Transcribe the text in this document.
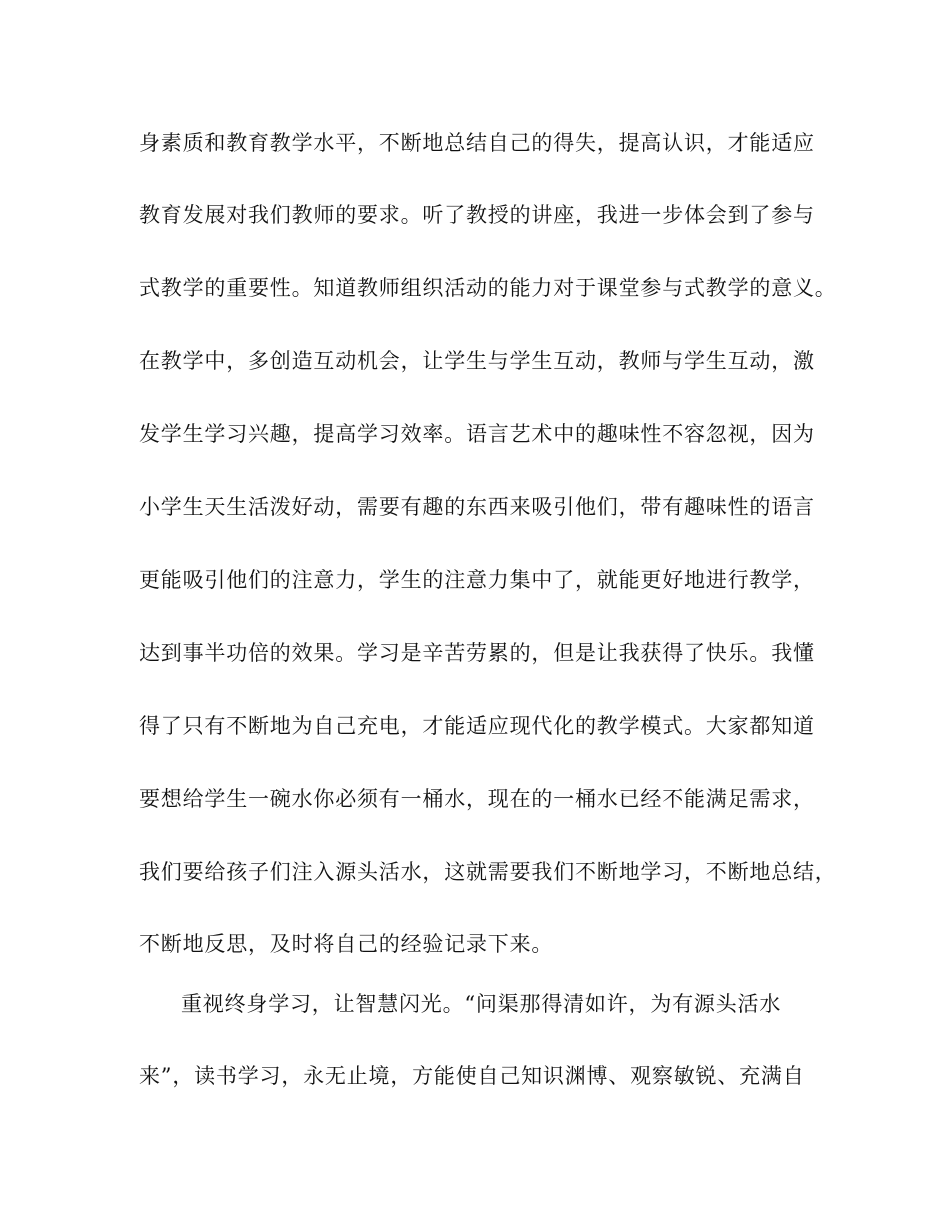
身素质和教育教学水平，不断地总结自己的得失，提高认识，才能适应
教育发展对我们教师的要求。听了教授的讲座，我进一步体会到了参与
式教学的重要性。知道教师组织活动的能力对于课堂参与式教学的意义。
在教学中，多创造互动机会，让学生与学生互动，教师与学生互动，激
发学生学习兴趣，提高学习效率。语言艺术中的趣味性不容忽视，因为
小学生天生活泼好动，需要有趣的东西来吸引他们，带有趣味性的语言
更能吸引他们的注意力，学生的注意力集中了，就能更好地进行教学，
达到事半功倍的效果。学习是辛苦劳累的，但是让我获得了快乐。我懂
得了只有不断地为自己充电，才能适应现代化的教学模式。大家都知道
要想给学生一碗水你必须有一桶水，现在的一桶水已经不能满足需求，
我们要给孩子们注入源头活水，这就需要我们不断地学习，不断地总结，
不断地反思，及时将自己的经验记录下来。
重视终身学习，让智慧闪光。“问渠那得清如许，为有源头活水
来”，读书学习，永无止境，方能使自己知识渊博、观察敏锐、充满自
